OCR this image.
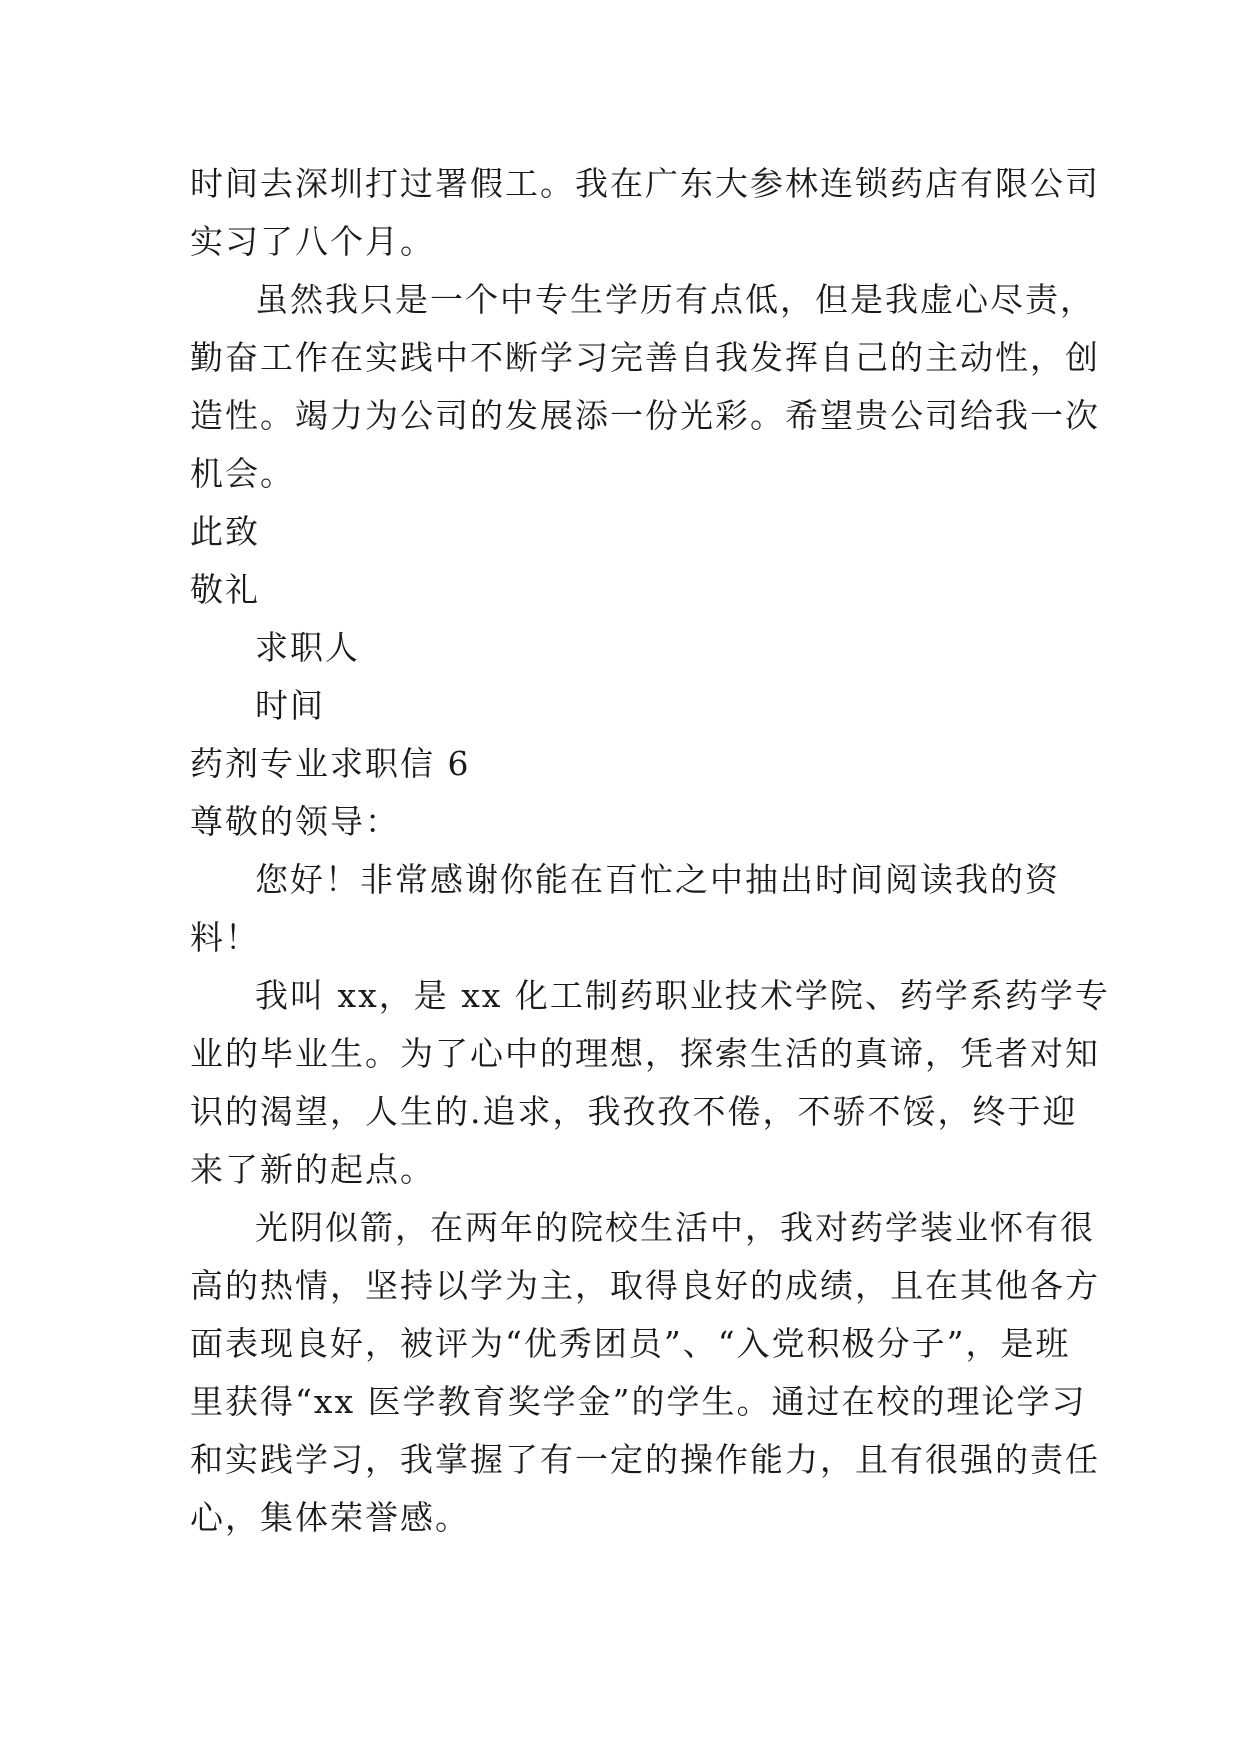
时间去深圳打过署假工。我在广东大参林连锁药店有限公司
实习了八个月。
虽然我只是一个中专生学历有点低，但是我虚心尽责，
勤奋工作在实践中不断学习完善自我发挥自己的主动性，创
造性。竭力为公司的发展添一份光彩。希望贵公司给我一次
机会。
此致
敬礼
求职人
时间
药剂专业求职信 6
尊敬的领导：
您好！非常感谢你能在百忙之中抽出时间阅读我的资
料！
我叫 xx，是 xx 化工制药职业技术学院、药学系药学专
业的毕业生。为了心中的理想，探索生活的真谛，凭者对知
识的渴望，人生的.追求，我孜孜不倦，不骄不馁，终于迎
来了新的起点。
光阴似箭，在两年的院校生活中，我对药学装业怀有很
高的热情，坚持以学为主，取得良好的成绩，且在其他各方
面表现良好，被评为“优秀团员”、“入党积极分子”，是班
里获得“xx 医学教育奖学金”的学生。通过在校的理论学习
和实践学习，我掌握了有一定的操作能力，且有很强的责任
心，集体荣誉感。
